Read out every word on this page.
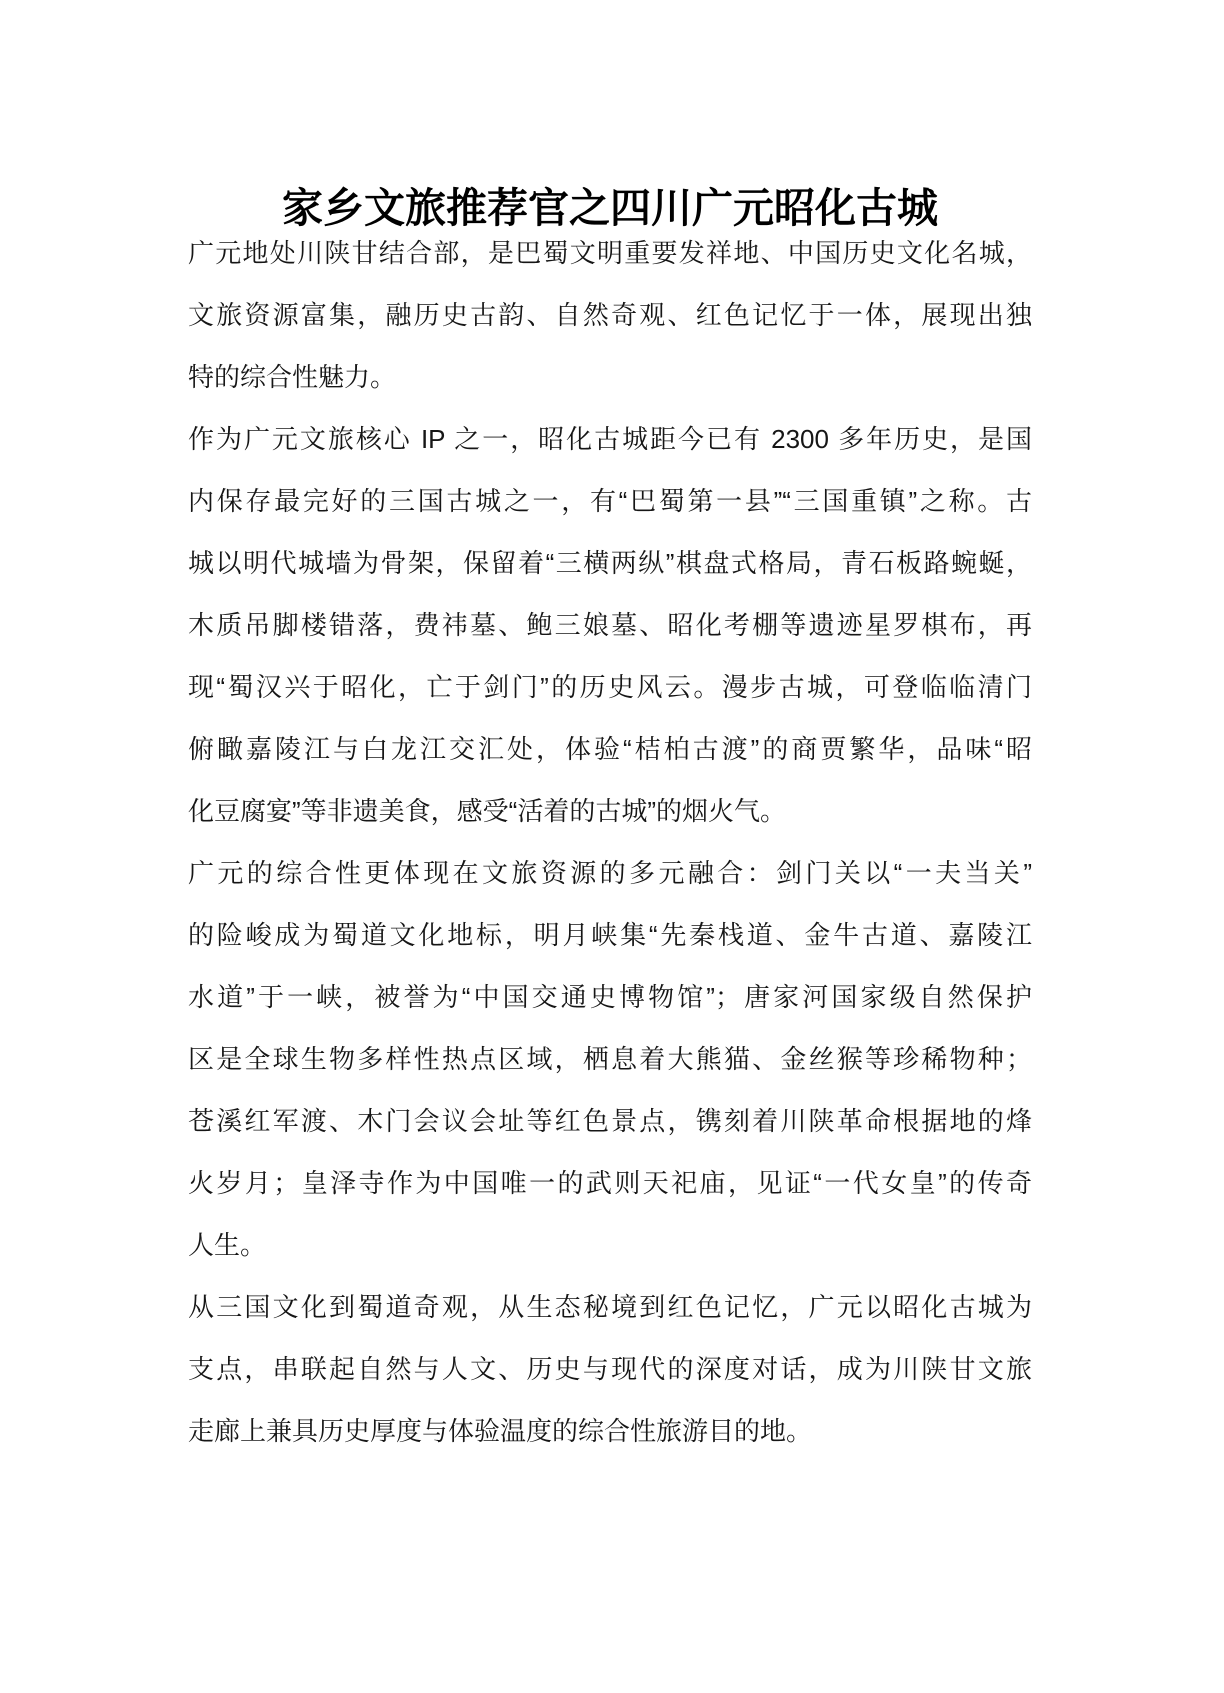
家乡文旅推荐官之四川广元昭化古城
广元地处川陕甘结合部，是巴蜀文明重要发祥地、中国历史文化名城，
文旅资源富集，融历史古韵、自然奇观、红色记忆于一体，展现出独
特的综合性魅力。
作为广元文旅核心 IP 之一，昭化古城距今已有 2300 多年历史，是国
内保存最完好的三国古城之一，有“巴蜀第一县”“三国重镇”之称。古
城以明代城墙为骨架，保留着“三横两纵”棋盘式格局，青石板路蜿蜒，
木质吊脚楼错落，费祎墓、鲍三娘墓、昭化考棚等遗迹星罗棋布，再
现“蜀汉兴于昭化，亡于剑门”的历史风云。漫步古城，可登临临清门
俯瞰嘉陵江与白龙江交汇处，体验“桔柏古渡”的商贾繁华，品味“昭
化豆腐宴”等非遗美食，感受“活着的古城”的烟火气。
广元的综合性更体现在文旅资源的多元融合：剑门关以“一夫当关”
的险峻成为蜀道文化地标，明月峡集“先秦栈道、金牛古道、嘉陵江
水道”于一峡，被誉为“中国交通史博物馆”；唐家河国家级自然保护
区是全球生物多样性热点区域，栖息着大熊猫、金丝猴等珍稀物种；
苍溪红军渡、木门会议会址等红色景点，镌刻着川陕革命根据地的烽
火岁月；皇泽寺作为中国唯一的武则天祀庙，见证“一代女皇”的传奇
人生。
从三国文化到蜀道奇观，从生态秘境到红色记忆，广元以昭化古城为
支点，串联起自然与人文、历史与现代的深度对话，成为川陕甘文旅
走廊上兼具历史厚度与体验温度的综合性旅游目的地。
